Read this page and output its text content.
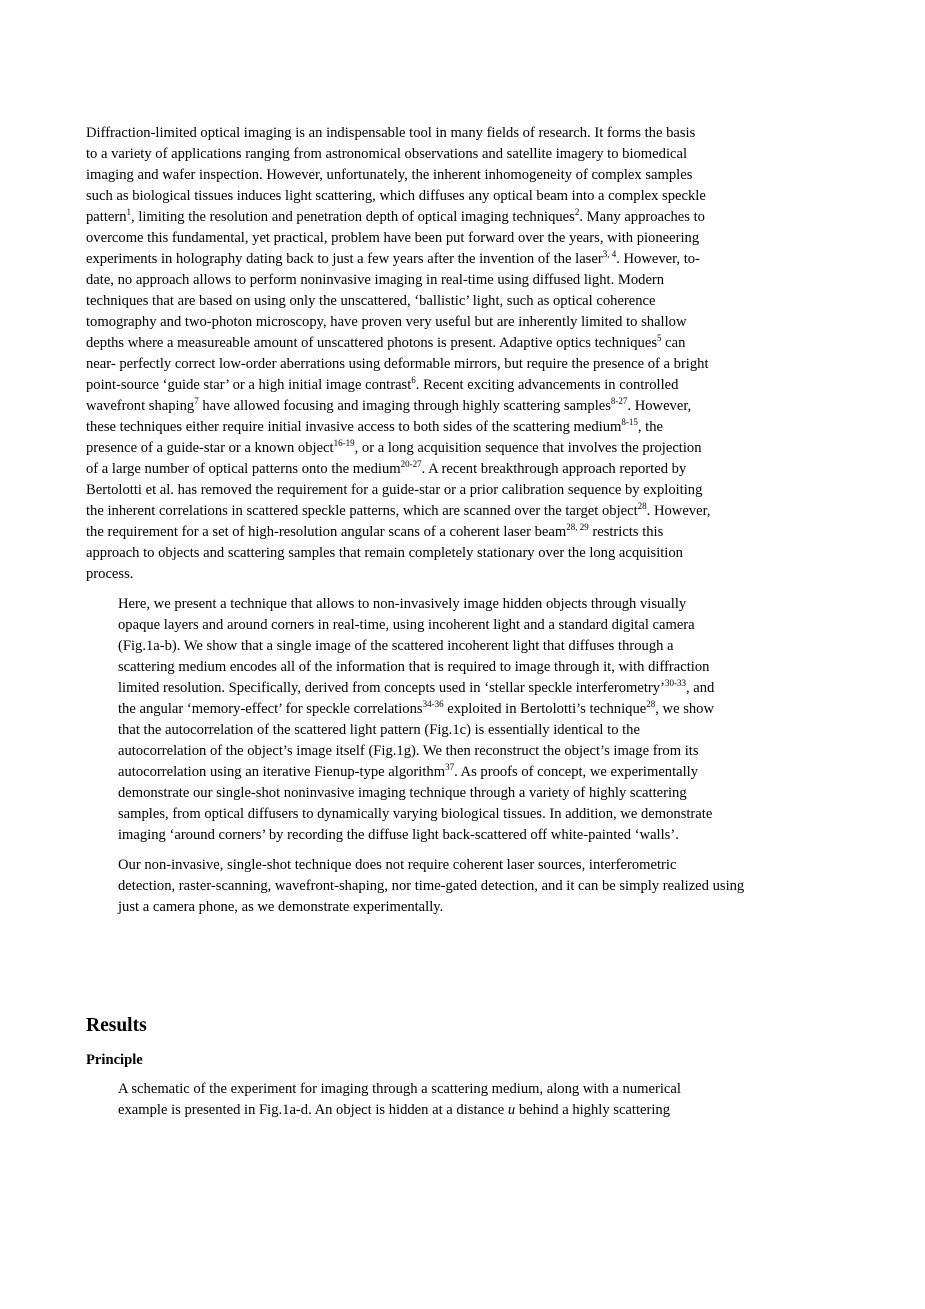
Diffraction-limited optical imaging is an indispensable tool in many fields of research. It forms the basis
to a variety of applications ranging from astronomical observations and satellite imagery to biomedical
imaging and wafer inspection. However, unfortunately, the inherent inhomogeneity of complex samples
such as biological tissues induces light scattering, which diffuses any optical beam into a complex speckle
pattern$^1$, limiting the resolution and penetration depth of optical imaging techniques$^2$. Many approaches to
overcome this fundamental, yet practical, problem have been put forward over the years, with pioneering
experiments in holography dating back to just a few years after the invention of the laser$^{3, 4}$. However, to-
date, no approach allows to perform noninvasive imaging in real-time using diffused light. Modern
techniques that are based on using only the unscattered, ‘ballistic’ light, such as optical coherence
tomography and two-photon microscopy, have proven very useful but are inherently limited to shallow
depths where a measureable amount of unscattered photons is present. Adaptive optics techniques$^5$ can
near- perfectly correct low-order aberrations using deformable mirrors, but require the presence of a bright
point-source ‘guide star’ or a high initial image contrast$^6$. Recent exciting advancements in controlled
wavefront shaping$^7$ have allowed focusing and imaging through highly scattering samples$^{8-27}$. However,
these techniques either require initial invasive access to both sides of the scattering medium$^{8-15}$, the
presence of a guide-star or a known object$^{16-19}$, or a long acquisition sequence that involves the projection
of a large number of optical patterns onto the medium$^{20-27}$. A recent breakthrough approach reported by
Bertolotti et al. has removed the requirement for a guide-star or a prior calibration sequence by exploiting
the inherent correlations in scattered speckle patterns, which are scanned over the target object$^{28}$. However,
the requirement for a set of high-resolution angular scans of a coherent laser beam$^{28, 29}$ restricts this
approach to objects and scattering samples that remain completely stationary over the long acquisition
process.
Here, we present a technique that allows to non-invasively image hidden objects through visually
opaque layers and around corners in real-time, using incoherent light and a standard digital camera
(Fig.1a-b). We show that a single image of the scattered incoherent light that diffuses through a
scattering medium encodes all of the information that is required to image through it, with diffraction
limited resolution. Specifically, derived from concepts used in ‘stellar speckle interferometry’$^{30-33}$, and
the angular ‘memory-effect’ for speckle correlations$^{34-36}$ exploited in Bertolotti’s technique$^{28}$, we show
that the autocorrelation of the scattered light pattern (Fig.1c) is essentially identical to the
autocorrelation of the object’s image itself (Fig.1g). We then reconstruct the object’s image from its
autocorrelation using an iterative Fienup-type algorithm$^{37}$. As proofs of concept, we experimentally
demonstrate our single-shot noninvasive imaging technique through a variety of highly scattering
samples, from optical diffusers to dynamically varying biological tissues. In addition, we demonstrate
imaging ‘around corners’ by recording the diffuse light back-scattered off white-painted ‘walls’.
Our non-invasive, single-shot technique does not require coherent laser sources, interferometric
detection, raster-scanning, wavefront-shaping, nor time-gated detection, and it can be simply realized using
just a camera phone, as we demonstrate experimentally.
Results
Principle
A schematic of the experiment for imaging through a scattering medium, along with a numerical
example is presented in Fig.1a-d. An object is hidden at a distance u behind a highly scattering
